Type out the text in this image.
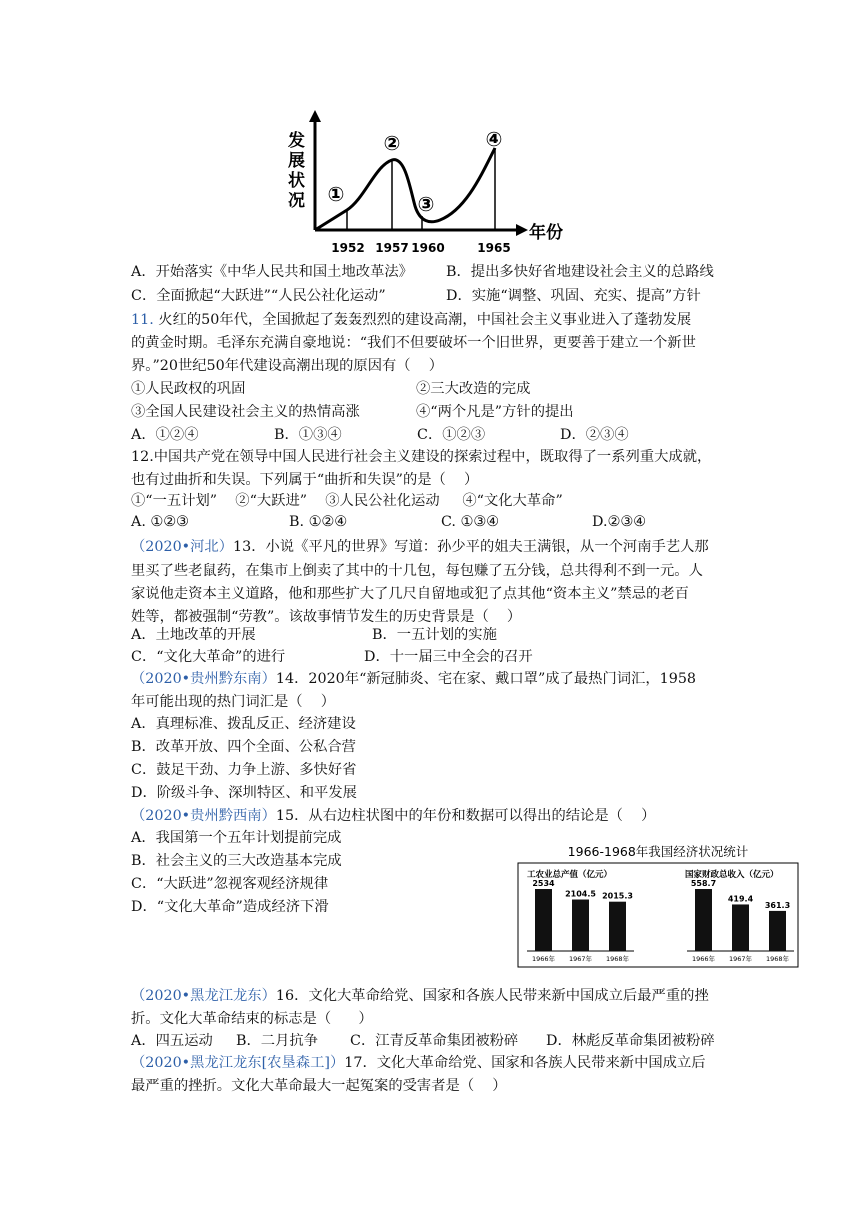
发
展
状
况
年份
①
②
③
④
1952 1957 1960	1965
A．开始落实《中华人民共和国土地改革法》 B．提出多快好省地建设社会主义的总路线
C．全面掀起“大跃进”“人民公社化运动”	D．实施“调整、巩固、充实、提高”方针
11. 火红的50年代，全国掀起了轰轰烈烈的建设高潮，中国社会主义事业进入了蓬勃发展
的黄金时期。毛泽东充满自豪地说：“我们不但要破坏一个旧世界，更要善于建立一个新世
界。”20世纪50年代建设高潮出现的原因有（    ）
①人民政权的巩固	②三大改造的完成
③全国人民建设社会主义的热情高涨	④“两个凡是”方针的提出
A．①②④	B．①③④	C．①②③	D．②③④
12.中国共产党在领导中国人民进行社会主义建设的探索过程中，既取得了一系列重大成就，
也有过曲折和失误。下列属于“曲折和失误”的是（    ）
①“一五计划”    ②“大跃进”    ③人民公社化运动     ④“文化大革命”
A. ①②③	B. ①②④	C. ①③④	D.②③④
（2020•河北）13．小说《平凡的世界》写道：孙少平的姐夫王满银，从一个河南手艺人那
里买了些老鼠药，在集市上倒卖了其中的十几包，每包赚了五分钱，总共得利不到一元。人
家说他走资本主义道路，他和那些扩大了几尺自留地或犯了点其他“资本主义”禁忌的老百
姓等，都被强制“劳教”。该故事情节发生的历史背景是（    ）
A．土地改革的开展	B．一五计划的实施
C．“文化大革命”的进行	D．十一届三中全会的召开
（2020•贵州黔东南）14．2020年“新冠肺炎、宅在家、戴口罩”成了最热门词汇，1958
年可能出现的热门词汇是（    ）
A．真理标准、拨乱反正、经济建设
B．改革开放、四个全面、公私合营
C．鼓足干劲、力争上游、多快好省
D．阶级斗争、深圳特区、和平发展
（2020•贵州黔西南）15．从右边柱状图中的年份和数据可以得出的结论是（    ）
A．我国第一个五年计划提前完成
B．社会主义的三大改造基本完成
C．“大跃进”忽视客观经济规律
D．“文化大革命”造成经济下滑
1966-1968年我国经济状况统计
工农业总产值（亿元）	国家财政总收入（亿元）
2534
1966年
2104.5
1967年
2015.3
1968年
558.7
1966年
419.4
1967年
361.3
1968年
（2020•黑龙江龙东）16．文化大革命给党、国家和各族人民带来新中国成立后最严重的挫
折。文化大革命结束的标志是（      ）
A．四五运动 B．二月抗争 C．江青反革命集团被粉碎 D．林彪反革命集团被粉碎
（2020•黑龙江龙东[农垦森工]）17．文化大革命给党、国家和各族人民带来新中国成立后
最严重的挫折。文化大革命最大一起冤案的受害者是（    ）
